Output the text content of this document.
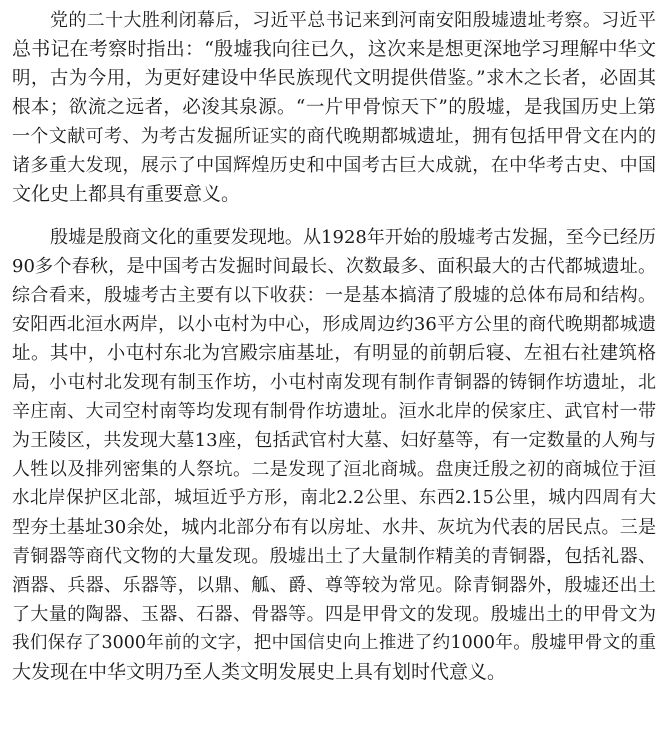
党的二十大胜利闭幕后，习近平总书记来到河南安阳殷墟遗址考察。习近平

总书记在考察时指出：“殷墟我向往已久，这次来是想更深地学习理解中华文

明，古为今用，为更好建设中华民族现代文明提供借鉴。”求木之长者，必固其

根本；欲流之远者，必浚其泉源。“一片甲骨惊天下”的殷墟，是我国历史上第

一个文献可考、为考古发掘所证实的商代晚期都城遗址，拥有包括甲骨文在内的

诸多重大发现，展示了中国辉煌历史和中国考古巨大成就，在中华考古史、中国

文化史上都具有重要意义。

殷墟是殷商文化的重要发现地。从1928年开始的殷墟考古发掘，至今已经历

90多个春秋，是中国考古发掘时间最长、次数最多、面积最大的古代都城遗址。

综合看来，殷墟考古主要有以下收获：一是基本搞清了殷墟的总体布局和结构。

安阳西北洹水两岸，以小屯村为中心，形成周边约36平方公里的商代晚期都城遗

址。其中，小屯村东北为宫殿宗庙基址，有明显的前朝后寝、左祖右社建筑格

局，小屯村北发现有制玉作坊，小屯村南发现有制作青铜器的铸铜作坊遗址，北

辛庄南、大司空村南等均发现有制骨作坊遗址。洹水北岸的侯家庄、武官村一带

为王陵区，共发现大墓13座，包括武官村大墓、妇好墓等，有一定数量的人殉与

人牲以及排列密集的人祭坑。二是发现了洹北商城。盘庚迁殷之初的商城位于洹

水北岸保护区北部，城垣近乎方形，南北2.2公里、东西2.15公里，城内四周有大

型夯土基址30余处，城内北部分布有以房址、水井、灰坑为代表的居民点。三是

青铜器等商代文物的大量发现。殷墟出土了大量制作精美的青铜器，包括礼器、

酒器、兵器、乐器等，以鼎、觚、爵、尊等较为常见。除青铜器外，殷墟还出土

了大量的陶器、玉器、石器、骨器等。四是甲骨文的发现。殷墟出土的甲骨文为

我们保存了3000年前的文字，把中国信史向上推进了约1000年。殷墟甲骨文的重

大发现在中华文明乃至人类文明发展史上具有划时代意义。
